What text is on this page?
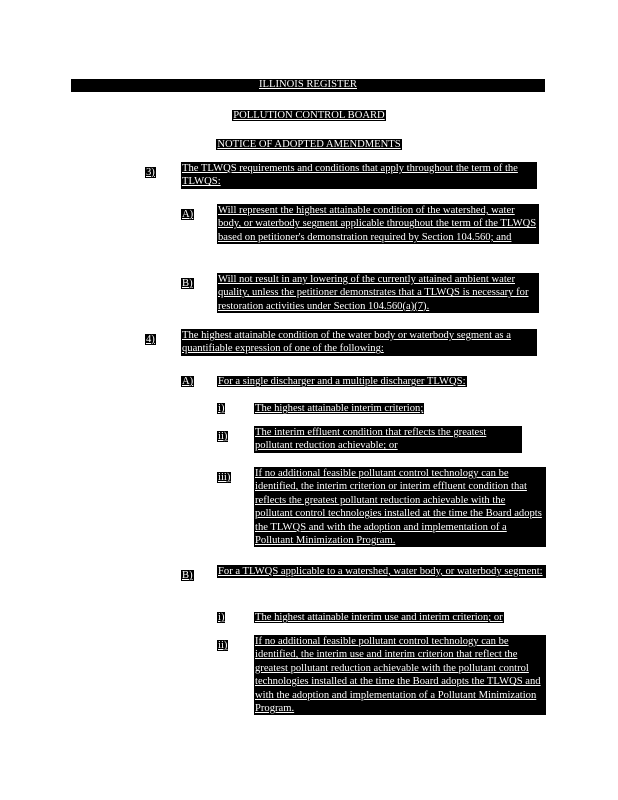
ILLINOIS REGISTER
POLLUTION CONTROL BOARD
NOTICE OF ADOPTED AMENDMENTS
3)	The TLWQS requirements and conditions that apply throughout the term of the TLWQS:
A) Will represent the highest attainable condition of the watershed, water body, or waterbody segment applicable throughout the term of the TLWQS based on petitioner's demonstration required by Section 104.560; and
B) Will not result in any lowering of the currently attained ambient water quality, unless the petitioner demonstrates that a TLWQS is necessary for restoration activities under Section 104.560(a)(7).
4)	The highest attainable condition of the water body or waterbody segment as a quantifiable expression of one of the following:
A) For a single discharger and a multiple discharger TLWQS:
i)	The highest attainable interim criterion;
ii)	The interim effluent condition that reflects the greatest pollutant reduction achievable; or
iii) If no additional feasible pollutant control technology can be identified, the interim criterion or interim effluent condition that reflects the greatest pollutant reduction achievable with the pollutant control technologies installed at the time the Board adopts the TLWQS and with the adoption and implementation of a Pollutant Minimization Program.
B) For a TLWQS applicable to a watershed, water body, or waterbody segment:
i)	The highest attainable interim use and interim criterion; or
ii)	If no additional feasible pollutant control technology can be identified, the interim use and interim criterion that reflect the greatest pollutant reduction achievable with the pollutant control technologies installed at the time the Board adopts the TLWQS and with the adoption and implementation of a Pollutant Minimization Program.
